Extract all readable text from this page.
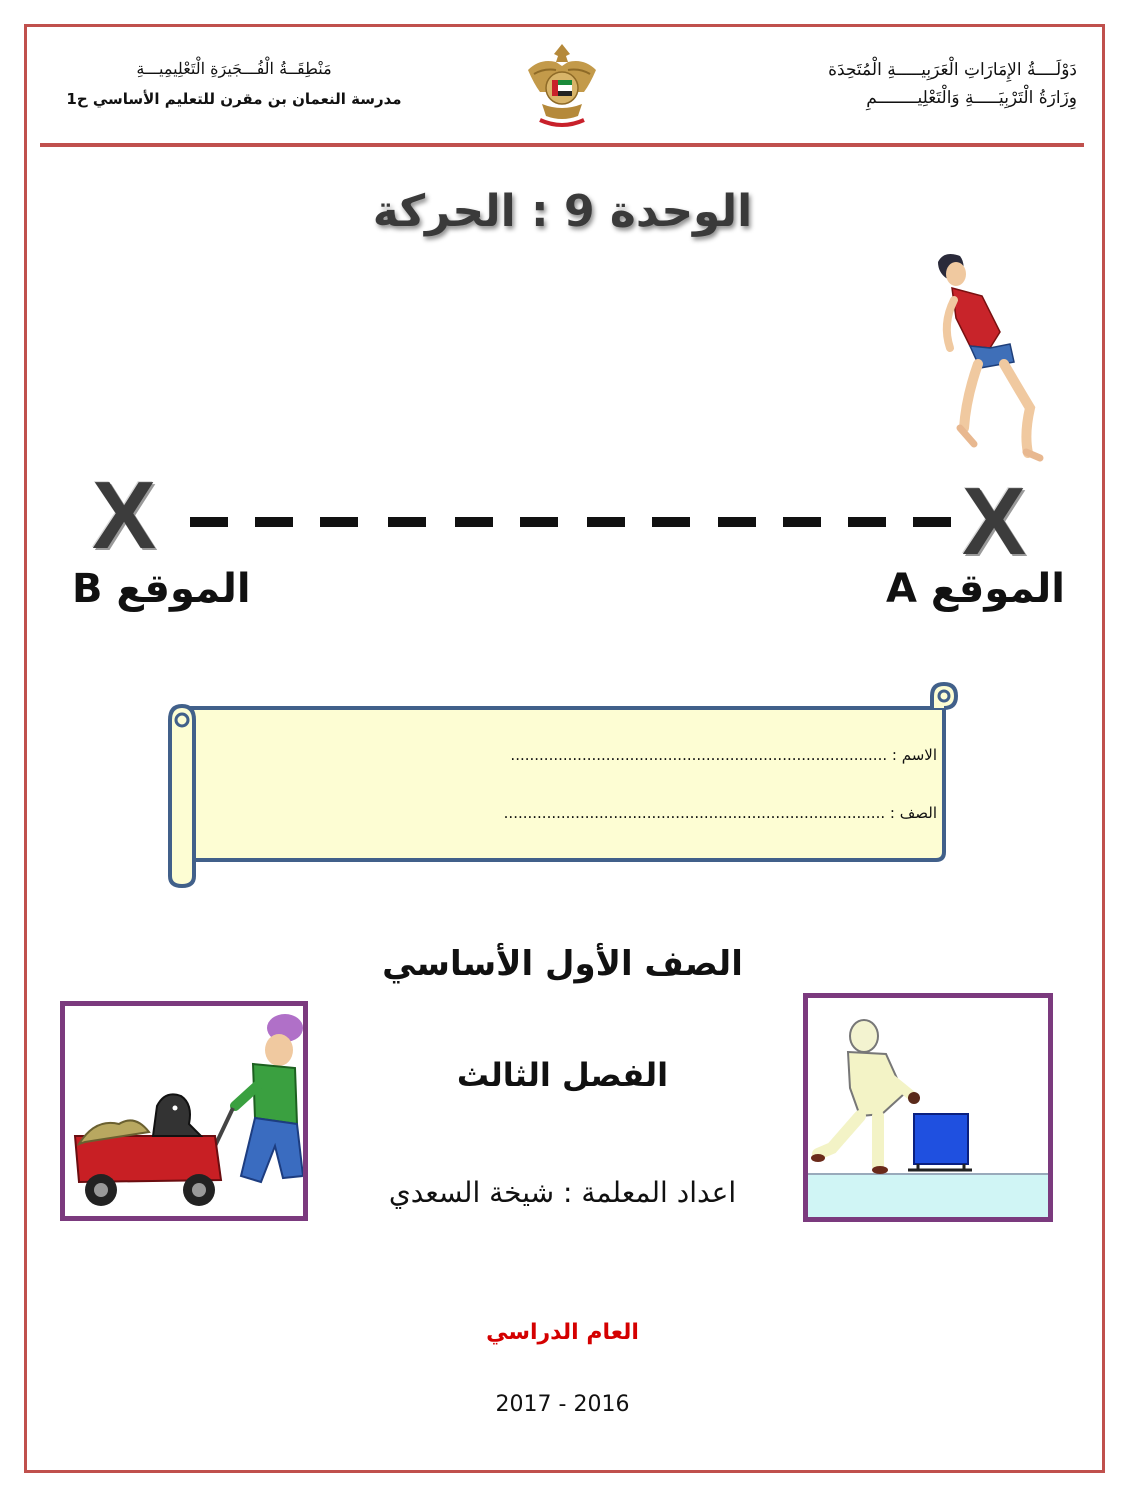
دَوْلَــــةُ الإِمَارَاتِ الْعَرَبِيـــــةِ الْمُتَحِدَة
وِزَارَةُ الْتَرْبِيَـــــةِ وَالْتَعْلِيــــــــمِ
مَنْطِقَــةُ الْفُـــجَيرَةِ الْتَعْلِيمِيـــةِ
مدرسة النعمان بن مقرن للتعليم الأساسي ح1
الوحدة 9 : الحركة
X	X
الموقع A
الموقع B
الاسم : ...............................................................................
الصف : ................................................................................
الصف الأول الأساسي
الفصل الثالث
اعداد المعلمة : شيخة السعدي
العام الدراسي
2017 - 2016
